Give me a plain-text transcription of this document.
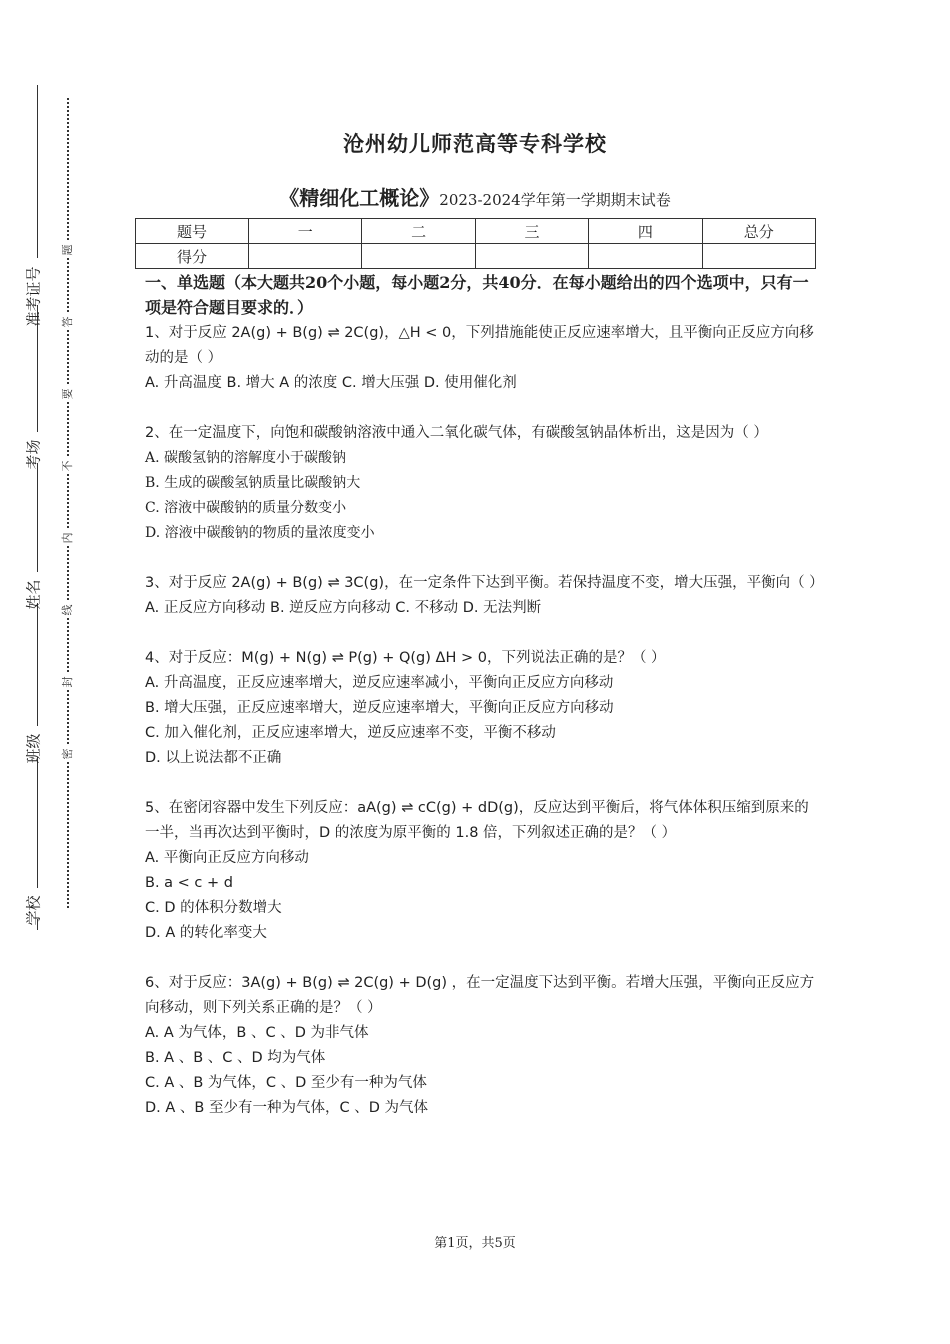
准考证号
考场
姓名
班级
学校
题
答
要
不
内
线
封
密
沧州幼儿师范高等专科学校
《精细化工概论》2023-2024学年第一学期期末试卷
题号	一	二	三	四	总分
得分					
一、单选题（本大题共20个小题，每小题2分，共40分．在每小题给出的四个选项中，只有一项是符合题目要求的．）

1、对于反应 2A(g) + B(g) ⇌ 2C(g)，△H < 0，下列措施能使正反应速率增大，且平衡向正反应方向移动的是（ ）

A. 升高温度 B. 增大 A 的浓度 C. 增大压强 D. 使用催化剂

2、在一定温度下，向饱和碳酸钠溶液中通入二氧化碳气体，有碳酸氢钠晶体析出，这是因为（ ）

A. 碳酸氢钠的溶解度小于碳酸钠

B. 生成的碳酸氢钠质量比碳酸钠大

C. 溶液中碳酸钠的质量分数变小

D. 溶液中碳酸钠的物质的量浓度变小

3、对于反应 2A(g) + B(g) ⇌ 3C(g)，在一定条件下达到平衡。若保持温度不变，增大压强，平衡向（ ）

A. 正反应方向移动 B. 逆反应方向移动 C. 不移动 D. 无法判断

4、对于反应：M(g) + N(g) ⇌ P(g) + Q(g) ΔH > 0，下列说法正确的是？（ ）

A. 升高温度，正反应速率增大，逆反应速率减小，平衡向正反应方向移动

B. 增大压强，正反应速率增大，逆反应速率增大，平衡向正反应方向移动

C. 加入催化剂，正反应速率增大，逆反应速率不变，平衡不移动

D. 以上说法都不正确

5、在密闭容器中发生下列反应：aA(g) ⇌ cC(g) + dD(g)，反应达到平衡后，将气体体积压缩到原来的一半，当再次达到平衡时，D 的浓度为原平衡的 1.8 倍，下列叙述正确的是？（ ）

A. 平衡向正反应方向移动

B. a < c + d

C. D 的体积分数增大

D. A 的转化率变大

6、对于反应：3A(g) + B(g) ⇌ 2C(g) + D(g) ，在一定温度下达到平衡。若增大压强，平衡向正反应方向移动，则下列关系正确的是？（ ）

A. A 为气体，B 、C 、D 为非气体

B. A 、B 、C 、D 均为气体

C. A 、B 为气体，C 、D 至少有一种为气体

D. A 、B 至少有一种为气体，C 、D 为气体

第1页，共5页
